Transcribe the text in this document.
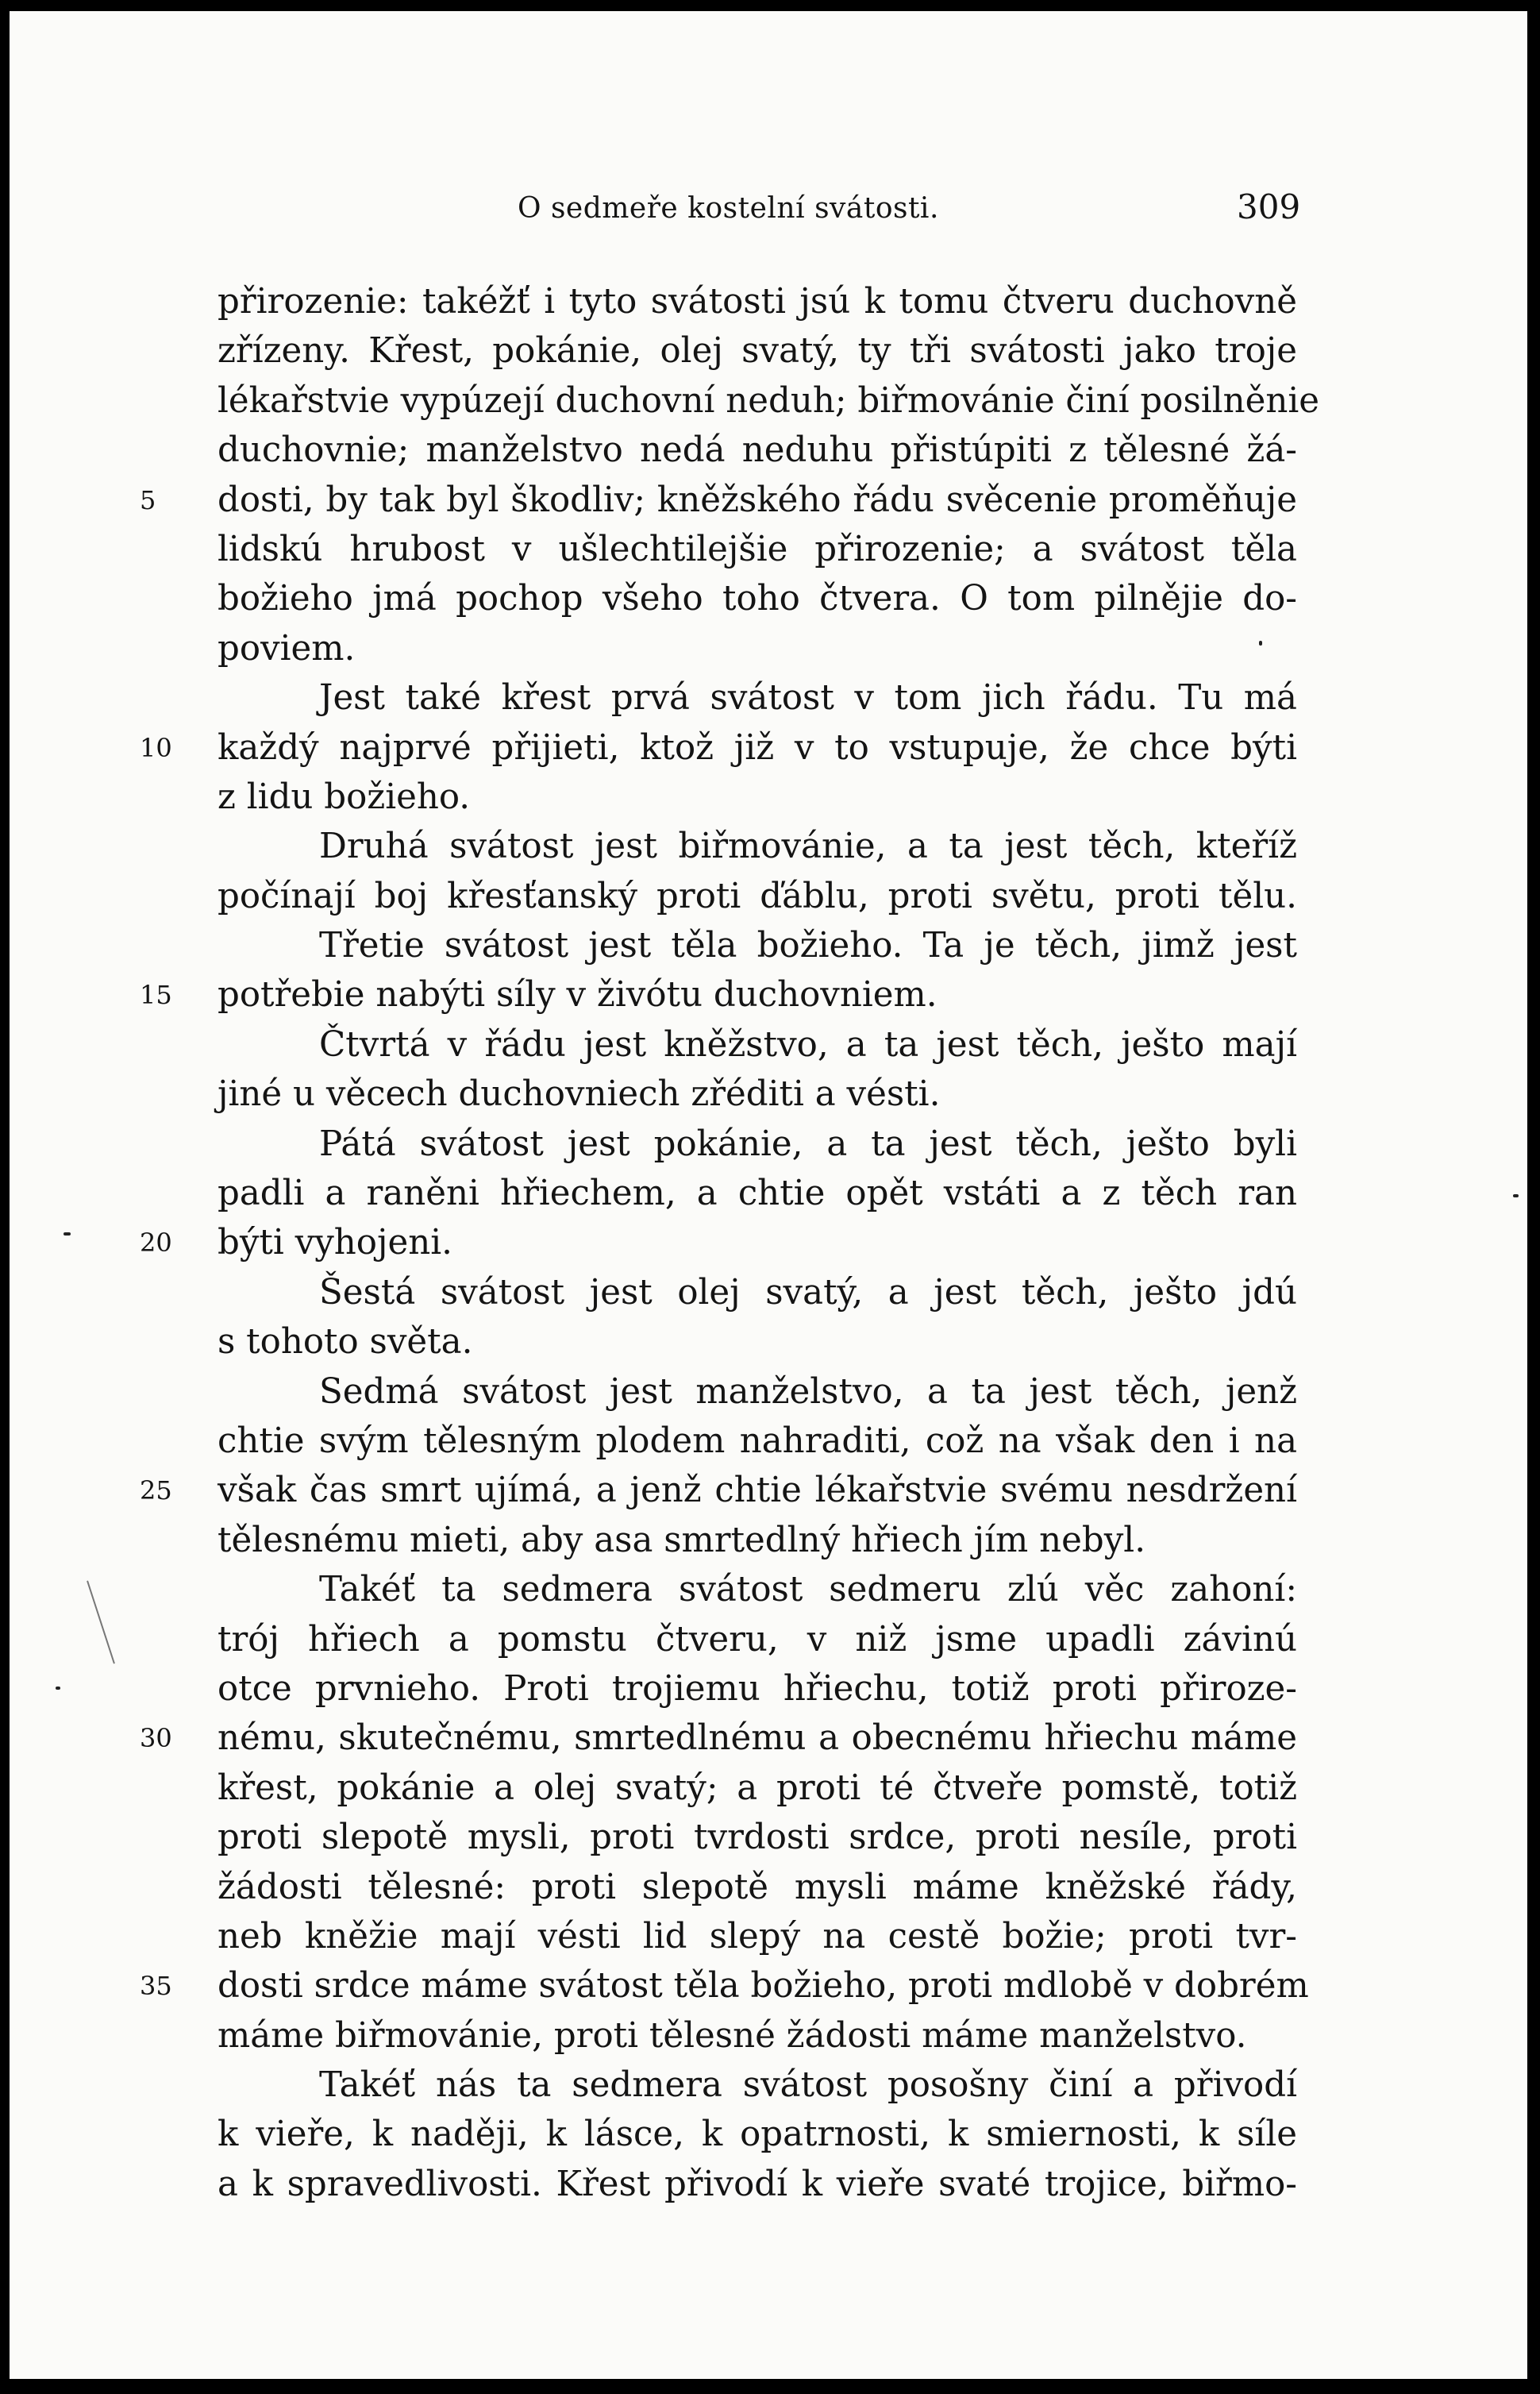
O sedmeře kostelní svátosti.	309
přirozenie: takéžť i tyto svátosti jsú k tomu čtveru duchovně
zřízeny. Křest, pokánie, olej svatý, ty tři svátosti jako troje
lékařstvie vypúzejí duchovní neduh; biřmovánie činí posilněnie
duchovnie; manželstvo nedá neduhu přistúpiti z tělesné žá-
5	dosti, by tak byl škodliv; kněžského řádu svěcenie proměňuje
lidskú hrubost v ušlechtilejšie přirozenie; a svátost těla
božieho jmá pochop všeho toho čtvera. O tom pilnějie do-
poviem.
Jest také křest prvá svátost v tom jich řádu. Tu má
10	každý najprvé přijieti, ktož již v to vstupuje, že chce býti
z lidu božieho.
Druhá svátost jest biřmovánie, a ta jest těch, kteříž
počínají boj křesťanský proti ďáblu, proti světu, proti tělu.
Třetie svátost jest těla božieho. Ta je těch, jimž jest
15	potřebie nabýti síly v živótu duchovniem.
Čtvrtá v řádu jest kněžstvo, a ta jest těch, ješto mají
jiné u věcech duchovniech zřéditi a vésti.
Pátá svátost jest pokánie, a ta jest těch, ješto byli
padli a raněni hřiechem, a chtie opět vstáti a z těch ran
20	býti vyhojeni.
Šestá svátost jest olej svatý, a jest těch, ješto jdú
s tohoto světa.
Sedmá svátost jest manželstvo, a ta jest těch, jenž
chtie svým tělesným plodem nahraditi, což na však den i na
25	však čas smrt ujímá, a jenž chtie lékařstvie svému nesdržení
tělesnému mieti, aby asa smrtedlný hřiech jím nebyl.
Takéť ta sedmera svátost sedmeru zlú věc zahoní:
trój hřiech a pomstu čtveru, v niž jsme upadli závinú
otce prvnieho. Proti trojiemu hřiechu, totiž proti přiroze-
30	nému, skutečnému, smrtedlnému a obecnému hřiechu máme
křest, pokánie a olej svatý; a proti té čtveře pomstě, totiž
proti slepotě mysli, proti tvrdosti srdce, proti nesíle, proti
žádosti tělesné: proti slepotě mysli máme kněžské řády,
neb kněžie mají vésti lid slepý na cestě božie; proti tvr-
35	dosti srdce máme svátost těla božieho, proti mdlobě v dobrém
máme biřmovánie, proti tělesné žádosti máme manželstvo.
Takéť nás ta sedmera svátost posošny činí a přivodí
k vieře, k naději, k lásce, k opatrnosti, k smiernosti, k síle
a k spravedlivosti. Křest přivodí k vieře svaté trojice, biřmo-
